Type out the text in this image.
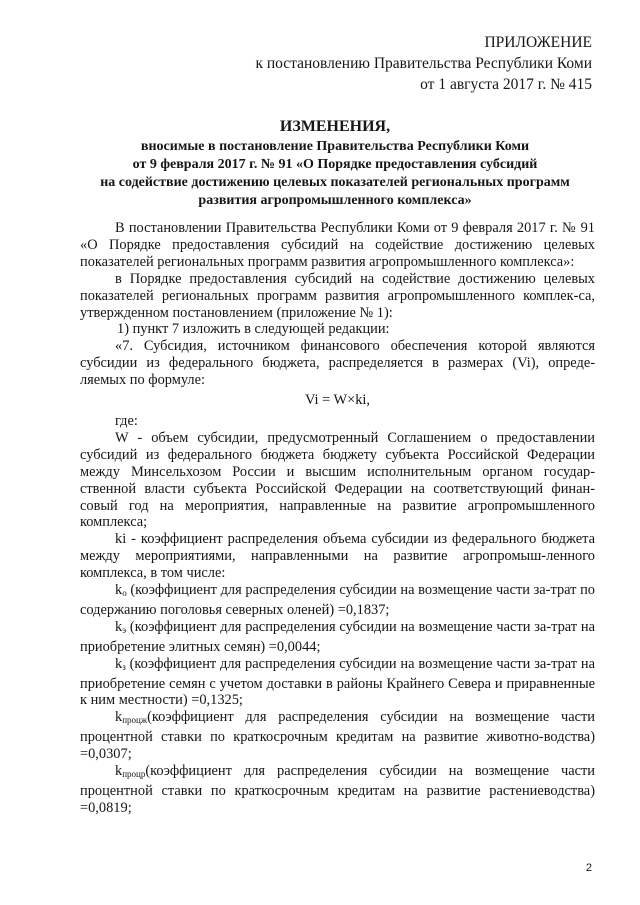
ПРИЛОЖЕНИЕ
к постановлению Правительства Республики Коми
от 1 августа 2017 г. № 415
ИЗМЕНЕНИЯ,
вносимые в постановление Правительства Республики Коми
от 9 февраля 2017 г. № 91 «О Порядке предоставления субсидий
на содействие достижению целевых показателей региональных программ
развития агропромышленного комплекса»

В постановлении Правительства Республики Коми от 9 февраля 2017 г. № 91 «О Порядке предоставления субсидий на содействие достижению целевых показателей региональных программ развития агропромышленного комплекса»:

в Порядке предоставления субсидий на содействие достижению целевых показателей региональных программ развития агропромышленного комплек-са, утвержденном постановлением (приложение № 1):

1) пункт 7 изложить в следующей редакции:

«7. Субсидия, источником финансового обеспечения которой являются субсидии из федерального бюджета, распределяется в размерах (Vi), опреде-ляемых по формуле:

Vi = W×ki,

где:

W - объем субсидии, предусмотренный Соглашением о предоставлении субсидий из федерального бюджета бюджету субъекта Российской Федерации между Минсельхозом России и высшим исполнительным органом государ-ственной власти субъекта Российской Федерации на соответствующий финан-совый год на мероприятия, направленные на развитие агропромышленного комплекса;

ki - коэффициент распределения объема субсидии из федерального бюджета между мероприятиями, направленными на развитие агропромыш-ленного комплекса, в том числе:

$k_о$ (коэффициент для распределения субсидии на возмещение части за-трат по содержанию поголовья северных оленей) =0,1837;

$k_э$ (коэффициент для распределения субсидии на возмещение части за-трат на приобретение элитных семян) =0,0044;

$k_з$ (коэффициент для распределения субсидии на возмещение части за-трат на приобретение семян с учетом доставки в районы Крайнего Севера и приравненные к ним местности) =0,1325;

$k_{процж}(коэффициент$ для распределения субсидии на возмещение части процентной ставки по краткосрочным кредитам на развитие животно-водства) =0,0307;

$k_{процр}(коэффициент$ для распределения субсидии на возмещение части процентной ставки по краткосрочным кредитам на развитие растениеводства) =0,0819;

2
